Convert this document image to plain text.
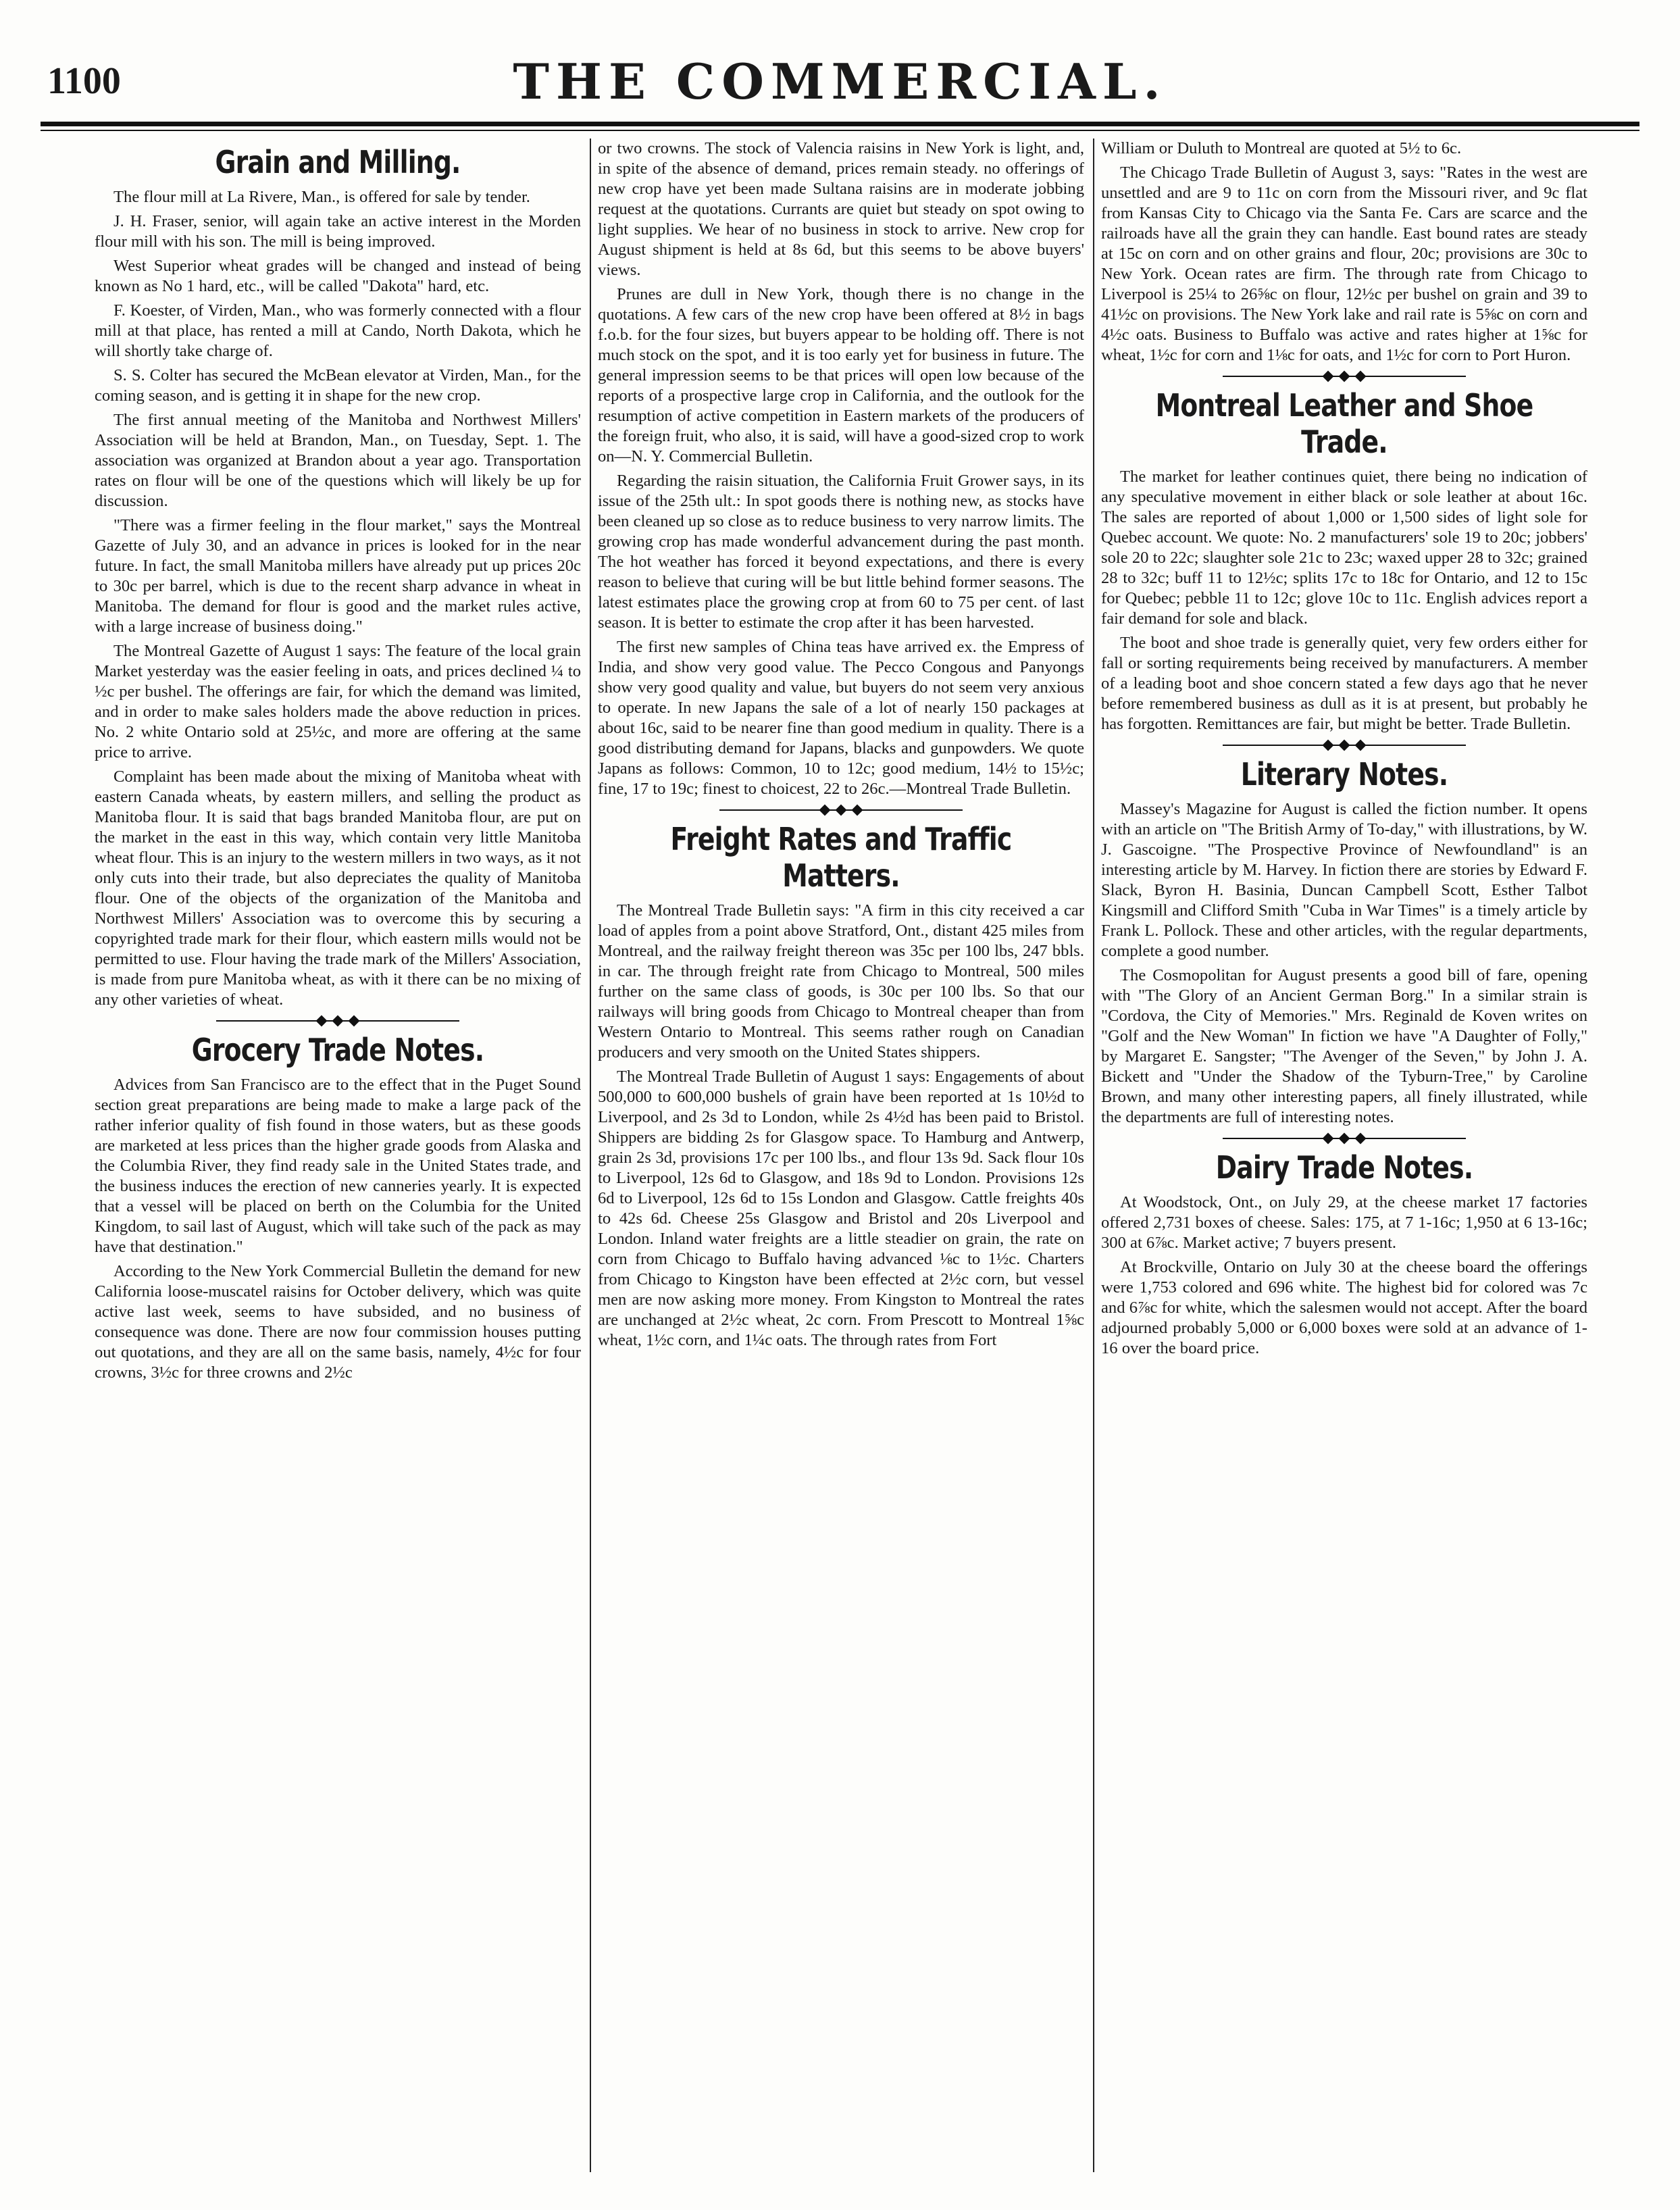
1100	THE COMMERCIAL.
Grain and Milling.

The flour mill at La Rivere, Man., is offered for sale by tender.

J. H. Fraser, senior, will again take an active interest in the Morden flour mill with his son. The mill is being improved.

West Superior wheat grades will be changed and instead of being known as No 1 hard, etc., will be called "Dakota" hard, etc.

F. Koester, of Virden, Man., who was formerly connected with a flour mill at that place, has rented a mill at Cando, North Dakota, which he will shortly take charge of.

S. S. Colter has secured the McBean elevator at Virden, Man., for the coming season, and is getting it in shape for the new crop.

The first annual meeting of the Manitoba and Northwest Millers' Association will be held at Brandon, Man., on Tuesday, Sept. 1. The association was organized at Brandon about a year ago. Transportation rates on flour will be one of the questions which will likely be up for discussion.

"There was a firmer feeling in the flour market," says the Montreal Gazette of July 30, and an advance in prices is looked for in the near future. In fact, the small Manitoba millers have already put up prices 20c to 30c per barrel, which is due to the recent sharp advance in wheat in Manitoba. The demand for flour is good and the market rules active, with a large increase of business doing."

The Montreal Gazette of August 1 says: The feature of the local grain Market yesterday was the easier feeling in oats, and prices declined ¼ to ½c per bushel. The offerings are fair, for which the demand was limited, and in order to make sales holders made the above reduction in prices. No. 2 white Ontario sold at 25½c, and more are offering at the same price to arrive.

Complaint has been made about the mixing of Manitoba wheat with eastern Canada wheats, by eastern millers, and selling the product as Manitoba flour. It is said that bags branded Manitoba flour, are put on the market in the east in this way, which contain very little Manitoba wheat flour. This is an injury to the western millers in two ways, as it not only cuts into their trade, but also depreciates the quality of Manitoba flour. One of the objects of the organization of the Manitoba and Northwest Millers' Association was to overcome this by securing a copyrighted trade mark for their flour, which eastern mills would not be permitted to use. Flour having the trade mark of the Millers' Association, is made from pure Manitoba wheat, as with it there can be no mixing of any other varieties of wheat.

Grocery Trade Notes.

Advices from San Francisco are to the effect that in the Puget Sound section great preparations are being made to make a large pack of the rather inferior quality of fish found in those waters, but as these goods are marketed at less prices than the higher grade goods from Alaska and the Columbia River, they find ready sale in the United States trade, and the business induces the erection of new canneries yearly. It is expected that a vessel will be placed on berth on the Columbia for the United Kingdom, to sail last of August, which will take such of the pack as may have that destination."

According to the New York Commercial Bulletin the demand for new California loose-muscatel raisins for October delivery, which was quite active last week, seems to have subsided, and no business of consequence was done. There are now four commission houses putting out quotations, and they are all on the same basis, namely, 4½c for four crowns, 3½c for three crowns and 2½c

or two crowns. The stock of Valencia raisins in New York is light, and, in spite of the absence of demand, prices remain steady. no offerings of new crop have yet been made Sultana raisins are in moderate jobbing request at the quotations. Currants are quiet but steady on spot owing to light supplies. We hear of no business in stock to arrive. New crop for August shipment is held at 8s 6d, but this seems to be above buyers' views.

Prunes are dull in New York, though there is no change in the quotations. A few cars of the new crop have been offered at 8½ in bags f.o.b. for the four sizes, but buyers appear to be holding off. There is not much stock on the spot, and it is too early yet for business in future. The general impression seems to be that prices will open low because of the reports of a prospective large crop in California, and the outlook for the resumption of active competition in Eastern markets of the producers of the foreign fruit, who also, it is said, will have a good-sized crop to work on—N. Y. Commercial Bulletin.

Regarding the raisin situation, the California Fruit Grower says, in its issue of the 25th ult.: In spot goods there is nothing new, as stocks have been cleaned up so close as to reduce business to very narrow limits. The growing crop has made wonderful advancement during the past month. The hot weather has forced it beyond expectations, and there is every reason to believe that curing will be but little behind former seasons. The latest estimates place the growing crop at from 60 to 75 per cent. of last season. It is better to estimate the crop after it has been harvested.

The first new samples of China teas have arrived ex. the Empress of India, and show very good value. The Pecco Congous and Panyongs show very good quality and value, but buyers do not seem very anxious to operate. In new Japans the sale of a lot of nearly 150 packages at about 16c, said to be nearer fine than good medium in quality. There is a good distributing demand for Japans, blacks and gunpowders. We quote Japans as follows: Common, 10 to 12c; good medium, 14½ to 15½c; fine, 17 to 19c; finest to choicest, 22 to 26c.—Montreal Trade Bulletin.

Freight Rates and Traffic Matters.

The Montreal Trade Bulletin says: "A firm in this city received a car load of apples from a point above Stratford, Ont., distant 425 miles from Montreal, and the railway freight thereon was 35c per 100 lbs, 247 bbls. in car. The through freight rate from Chicago to Montreal, 500 miles further on the same class of goods, is 30c per 100 lbs. So that our railways will bring goods from Chicago to Montreal cheaper than from Western Ontario to Montreal. This seems rather rough on Canadian producers and very smooth on the United States shippers.

The Montreal Trade Bulletin of August 1 says: Engagements of about 500,000 to 600,000 bushels of grain have been reported at 1s 10½d to Liverpool, and 2s 3d to London, while 2s 4½d has been paid to Bristol. Shippers are bidding 2s for Glasgow space. To Hamburg and Antwerp, grain 2s 3d, provisions 17c per 100 lbs., and flour 13s 9d. Sack flour 10s to Liverpool, 12s 6d to Glasgow, and 18s 9d to London. Provisions 12s 6d to Liverpool, 12s 6d to 15s London and Glasgow. Cattle freights 40s to 42s 6d. Cheese 25s Glasgow and Bristol and 20s Liverpool and London. Inland water freights are a little steadier on grain, the rate on corn from Chicago to Buffalo having advanced ⅛c to 1½c. Charters from Chicago to Kingston have been effected at 2½c corn, but vessel men are now asking more money. From Kingston to Montreal the rates are unchanged at 2½c wheat, 2c corn. From Prescott to Montreal 1⅝c wheat, 1½c corn, and 1¼c oats. The through rates from Fort

William or Duluth to Montreal are quoted at 5½ to 6c.

The Chicago Trade Bulletin of August 3, says: "Rates in the west are unsettled and are 9 to 11c on corn from the Missouri river, and 9c flat from Kansas City to Chicago via the Santa Fe. Cars are scarce and the railroads have all the grain they can handle. East bound rates are steady at 15c on corn and on other grains and flour, 20c; provisions are 30c to New York. Ocean rates are firm. The through rate from Chicago to Liverpool is 25¼ to 26⅝c on flour, 12½c per bushel on grain and 39 to 41½c on provisions. The New York lake and rail rate is 5⅝c on corn and 4½c oats. Business to Buffalo was active and rates higher at 1⅝c for wheat, 1½c for corn and 1⅛c for oats, and 1½c for corn to Port Huron.

Montreal Leather and Shoe Trade.

The market for leather continues quiet, there being no indication of any speculative movement in either black or sole leather at about 16c. The sales are reported of about 1,000 or 1,500 sides of light sole for Quebec account. We quote: No. 2 manufacturers' sole 19 to 20c; jobbers' sole 20 to 22c; slaughter sole 21c to 23c; waxed upper 28 to 32c; grained 28 to 32c; buff 11 to 12½c; splits 17c to 18c for Ontario, and 12 to 15c for Quebec; pebble 11 to 12c; glove 10c to 11c. English advices report a fair demand for sole and black.

The boot and shoe trade is generally quiet, very few orders either for fall or sorting requirements being received by manufacturers. A member of a leading boot and shoe concern stated a few days ago that he never before remembered business as dull as it is at present, but probably he has forgotten. Remittances are fair, but might be better. Trade Bulletin.

Literary Notes.

Massey's Magazine for August is called the fiction number. It opens with an article on "The British Army of To-day," with illustrations, by W. J. Gascoigne. "The Prospective Province of Newfoundland" is an interesting article by M. Harvey. In fiction there are stories by Edward F. Slack, Byron H. Basinia, Duncan Campbell Scott, Esther Talbot Kingsmill and Clifford Smith "Cuba in War Times" is a timely article by Frank L. Pollock. These and other articles, with the regular departments, complete a good number.

The Cosmopolitan for August presents a good bill of fare, opening with "The Glory of an Ancient German Borg." In a similar strain is "Cordova, the City of Memories." Mrs. Reginald de Koven writes on "Golf and the New Woman" In fiction we have "A Daughter of Folly," by Margaret E. Sangster; "The Avenger of the Seven," by John J. A. Bickett and "Under the Shadow of the Tyburn-Tree," by Caroline Brown, and many other interesting papers, all finely illustrated, while the departments are full of interesting notes.

Dairy Trade Notes.

At Woodstock, Ont., on July 29, at the cheese market 17 factories offered 2,731 boxes of cheese. Sales: 175, at 7 1-16c; 1,950 at 6 13-16c; 300 at 6⅞c. Market active; 7 buyers present.

At Brockville, Ontario on July 30 at the cheese board the offerings were 1,753 colored and 696 white. The highest bid for colored was 7c and 6⅞c for white, which the salesmen would not accept. After the board adjourned probably 5,000 or 6,000 boxes were sold at an advance of 1-16 over the board price.
